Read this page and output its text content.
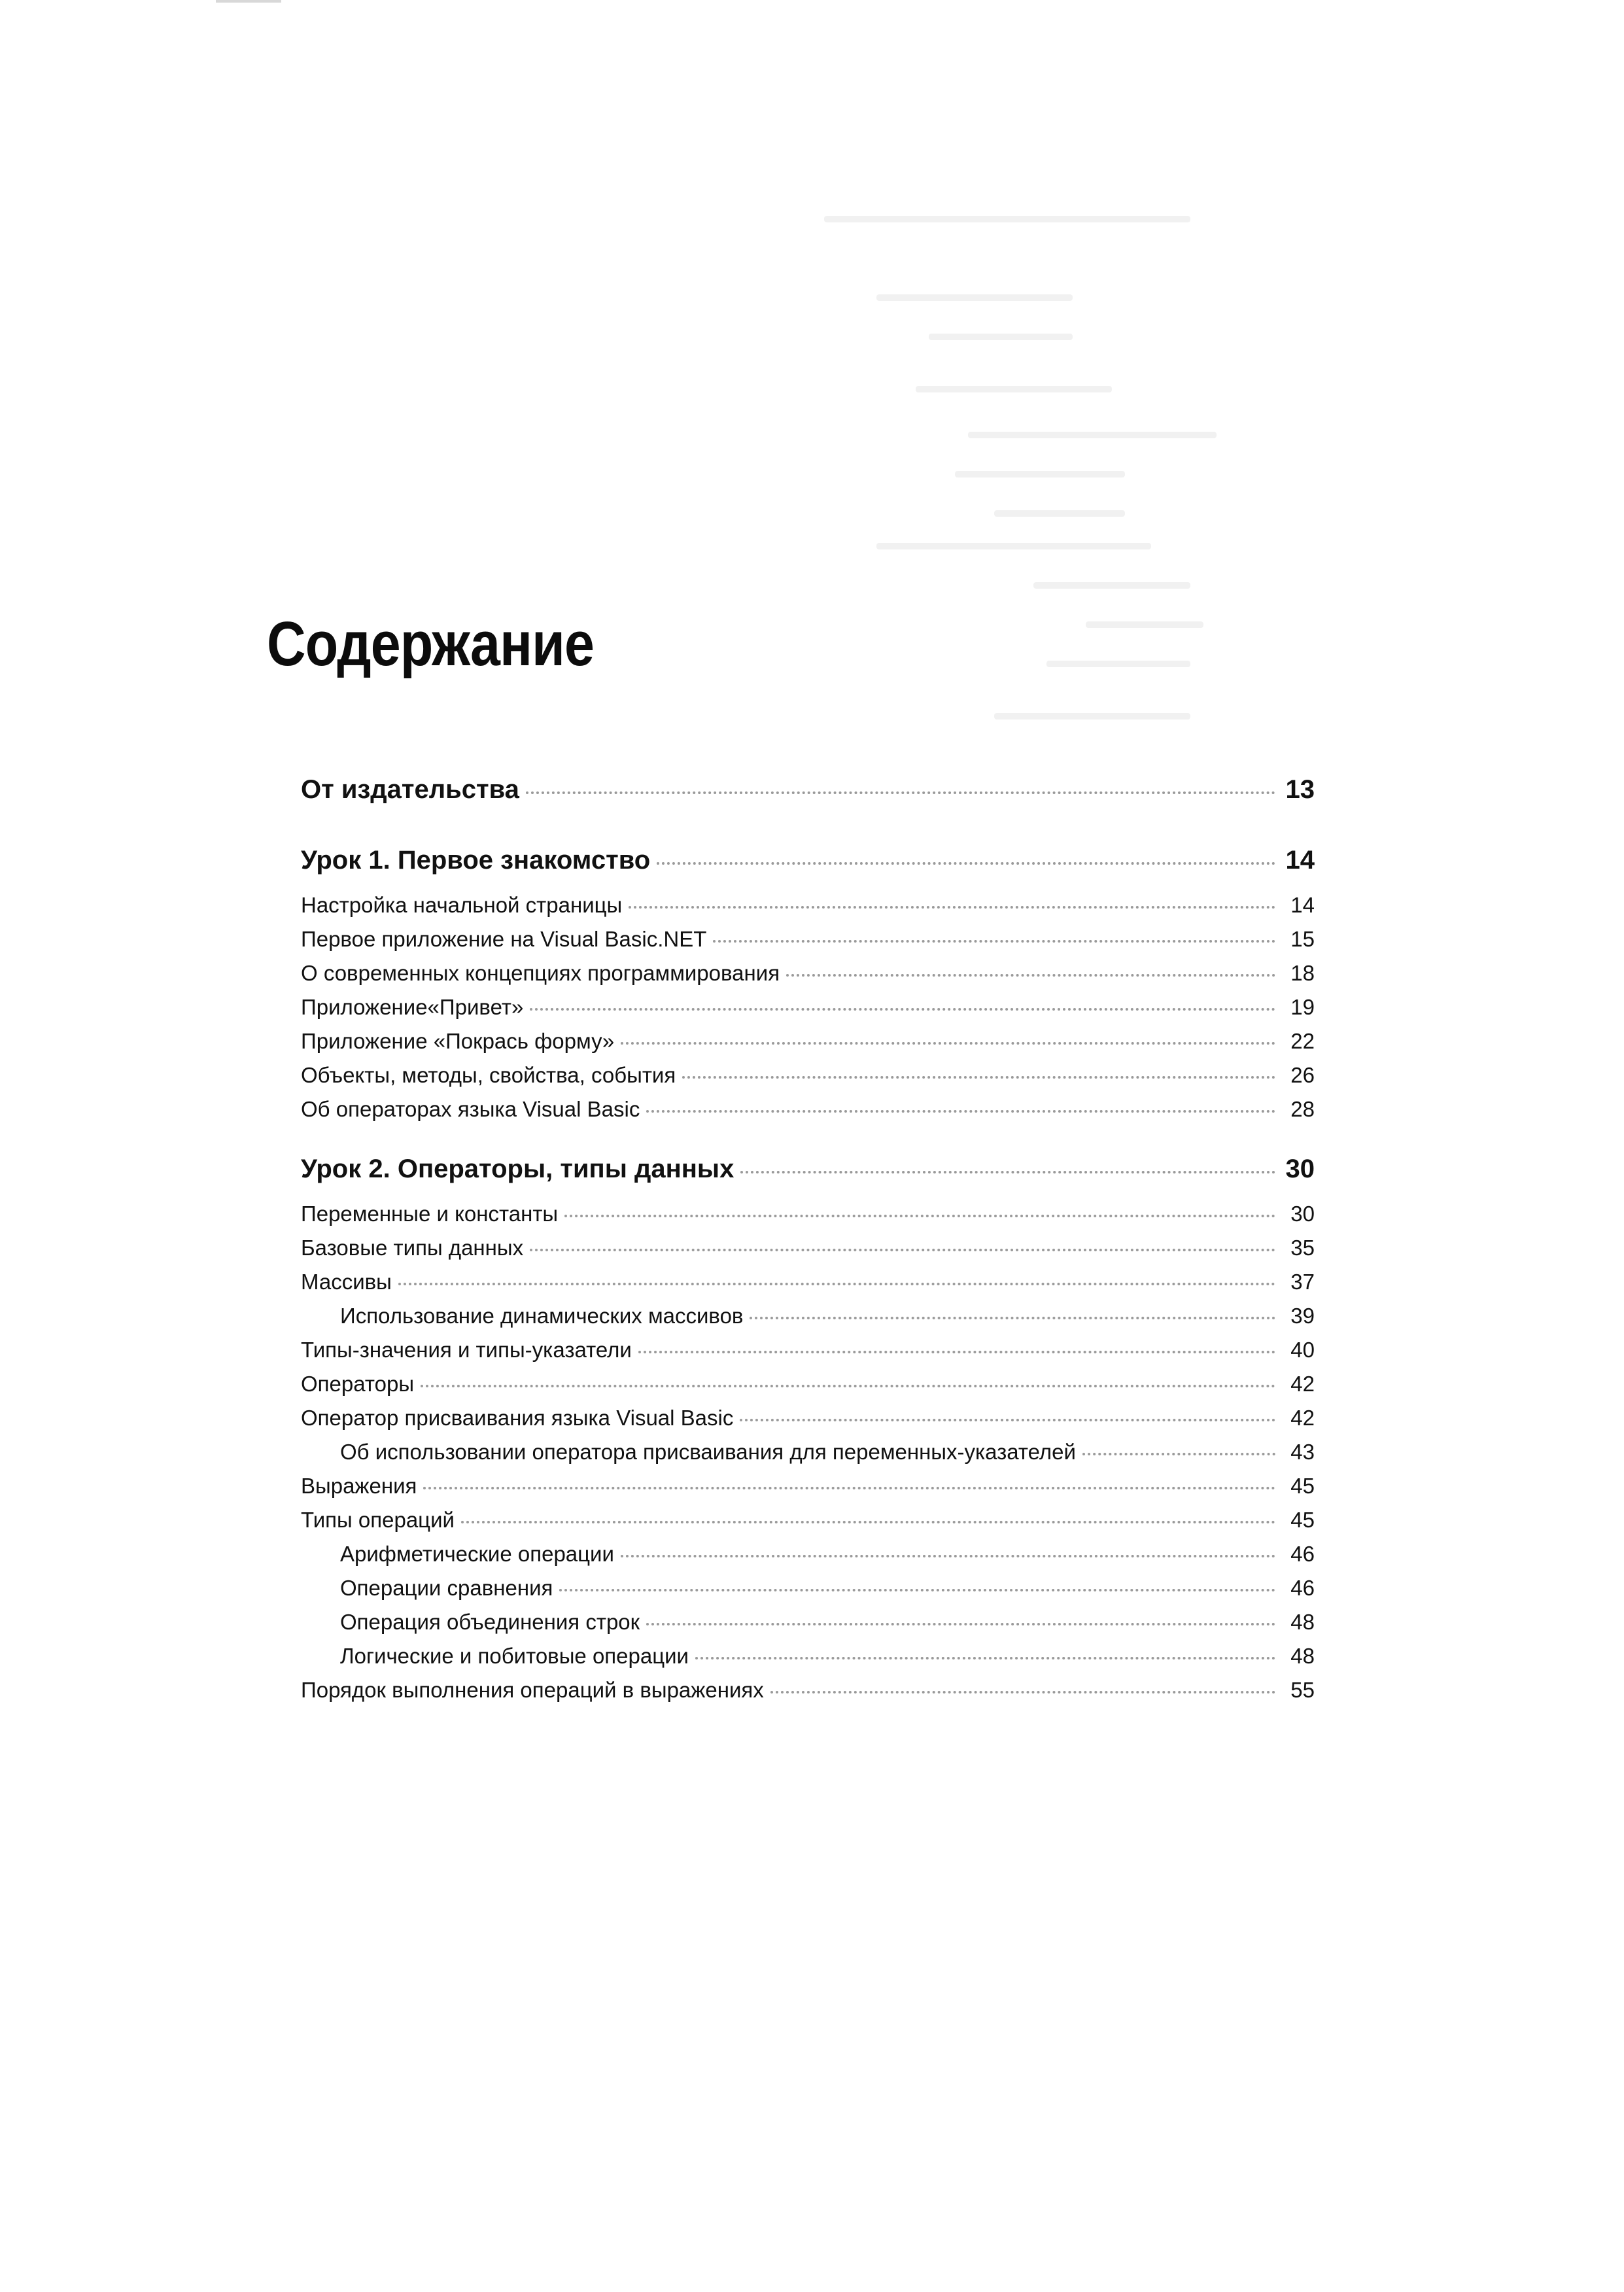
Содержание
От издательства	13
Урок 1. Первое знакомство	14
Настройка начальной страницы	14
Первое приложение на Visual Basic.NET	15
О современных концепциях программирования	18
Приложение«Привет»	19
Приложение «Покрась форму»	22
Объекты, методы, свойства, события	26
Об операторах языка Visual Basic	28
Урок 2. Операторы, типы данных	30
Переменные и константы	30
Базовые типы данных	35
Массивы	37
Использование динамических массивов	39
Типы-значения и типы-указатели	40
Операторы	42
Оператор присваивания языка Visual Basic	42
Об использовании оператора присваивания для переменных-указателей	43
Выражения	45
Типы операций	45
Арифметические операции	46
Операции сравнения	46
Операция объединения строк	48
Логические и побитовые операции	48
Порядок выполнения операций в выражениях	55
